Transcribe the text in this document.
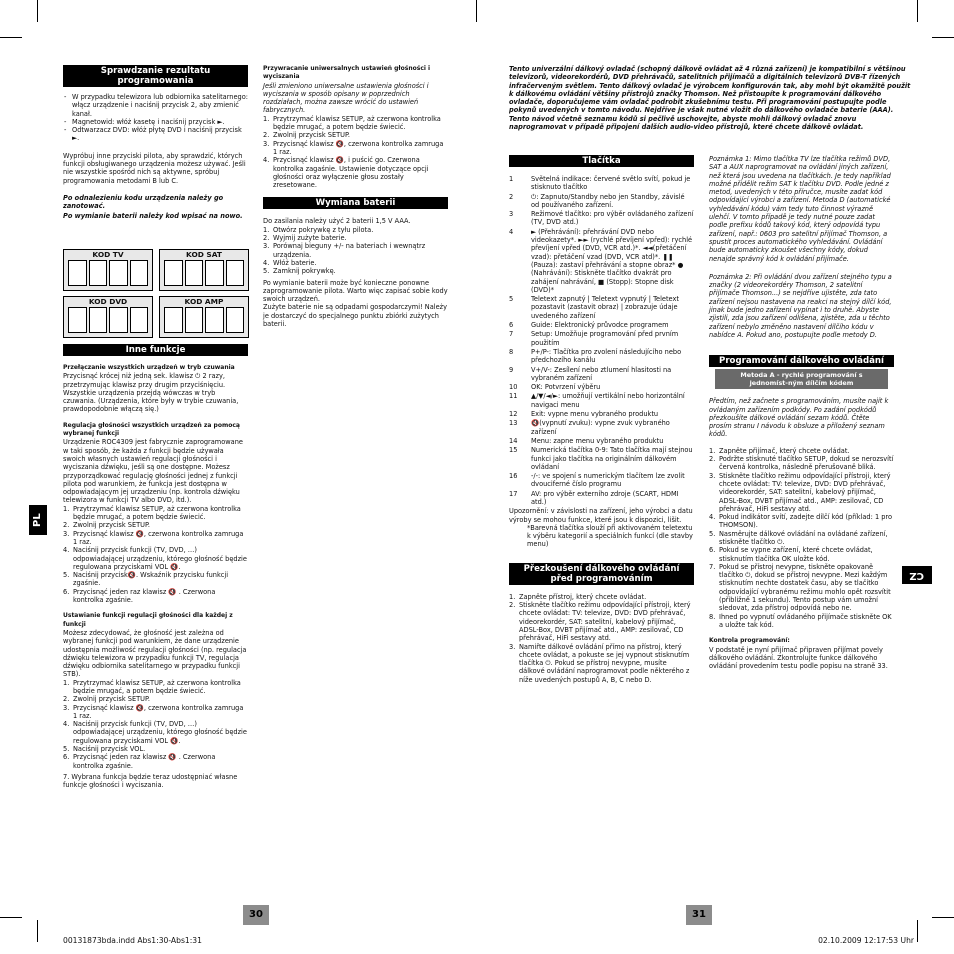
Sprawdzanie rezultatu programowania
- W przypadku telewizora lub odbiornika satelitarnego: włącz urządzenie i naciśnij przycisk 2, aby zmienić kanał.
- Magnetowid: włóż kasetę i naciśnij przycisk ►.
- Odtwarzacz DVD: włóż płytę DVD i naciśnij przycisk ►.

Wypróbuj inne przyciski pilota, aby sprawdzić, których funkcji obsługiwanego urządzenia możesz używać. Jeśli nie wszystkie spośród nich są aktywne, spróbuj programowania metodami B lub C.

Po odnalezieniu kodu urządzenia należy go zanotować.

Po wymianie baterii należy kod wpisać na nowo.

KOD TV	KOD SAT
KOD DVD	KOD AMP
Inne funkcje

Przełączanie wszystkich urządzeń w tryb czuwania

Przycisnąć krócej niż jedną sek. klawisz ⏻ 2 razy, przetrzymując klawisz przy drugim przyciśnięciu. Wszystkie urządzenia przejdą wówczas w tryb czuwania. (Urządzenia, które były w trybie czuwania, prawdopodobnie włączą się.)

Regulacja głośności wszystkich urządzeń za pomocą wybranej funkcji

Urządzenie ROC4309 jest fabrycznie zaprogramowane w taki sposób, że każda z funkcji będzie używała swoich własnych ustawień regulacji głośności i wyciszania dźwięku, jeśli są one dostępne. Możesz przyporządkować regulację głośności jednej z funkcji pilota pod warunkiem, że funkcja jest dostępna w odpowiadającym jej urządzeniu (np. kontrola dźwięku telewizora w funkcji TV albo DVD, itd.).

1. Przytrzymać klawisz SETUP, aż czerwona kontrolka będzie mrugać, a potem będzie świecić.
2. Zwolnij przycisk SETUP.
3. Przycisnąć klawisz 🔇, czerwona kontrolka zamruga 1 raz.
4. Naciśnij przycisk funkcji (TV, DVD, …) odpowiadającej urządzeniu, którego głośność będzie regulowana przyciskami VOL 🔇.
5. Naciśnij przycisk🔇. Wskaźnik przycisku funkcji zgaśnie.
6. Przycisnąć jeden raz klawisz 🔇 . Czerwona kontrolka zgaśnie.

Ustawianie funkcji regulacji głośności dla każdej z funkcji

Możesz zdecydować, że głośność jest zależna od wybranej funkcji pod warunkiem, że dane urządzenie udostępnia możliwość regulacji głośności (np. regulacja dźwięku telewizora w przypadku funkcji TV, regulacja dźwięku odbiornika satelitarnego w przypadku funkcji STB).

1. Przytrzymać klawisz SETUP, aż czerwona kontrolka będzie mrugać, a potem będzie świecić.
2. Zwolnij przycisk SETUP.
3. Przycisnąć klawisz 🔇, czerwona kontrolka zamruga 1 raz.
4. Naciśnij przycisk funkcji (TV, DVD, …) odpowiadającej urządzeniu, którego głośność będzie regulowana przyciskami VOL 🔇.
5. Naciśnij przycisk VOL.
6. Przycisnąć jeden raz klawisz 🔇 . Czerwona kontrolka zgaśnie.

7. Wybrana funkcja będzie teraz udostępniać własne funkcje głośności i wyciszania.

Przywracanie uniwersalnych ustawień głośności i wyciszania

Jeśli zmieniono uniwersalne ustawienia głośności i wyciszania w sposób opisany w poprzednich rozdziałach, można zawsze wrócić do ustawień fabrycznych.

1. Przytrzymać klawisz SETUP, aż czerwona kontrolka będzie mrugać, a potem będzie świecić.
2. Zwolnij przycisk SETUP.
3. Przycisnąć klawisz 🔇, czerwona kontrolka zamruga 1 raz.
4. Przycisnąć klawisz 🔇, i puścić go. Czerwona kontrolka zagaśnie. Ustawienie dotyczące opcji głośności oraz wyłączenie głosu zostały zresetowane.
Wymiana baterii

Do zasilania należy użyć 2 baterii 1,5 V AAA.

1. Otwórz pokrywkę z tyłu pilota.
2. Wyjmij zużyte baterie.
3. Porównaj bieguny +/- na bateriach i wewnątrz urządzenia.
4. Włóż baterie.
5. Zamknij pokrywkę.

Po wymianie baterii może być konieczne ponowne zaprogramowanie pilota. Warto więc zapisać sobie kody swoich urządzeń.

Zużyte baterie nie są odpadami gospodarczymi! Należy je dostarczyć do specjalnego punktu zbiórki zużytych baterii.

PL
30
Tento univerzální dálkový ovladač (schopný dálkově ovládat až 4 různá zařízení) je kompatibilní s většinou televizorů, videorekordérů, DVD přehrávačů, satelitních přijímačů a digitálních televizorů DVB-T řízených infračerveným světlem. Tento dálkový ovladač je výrobcem konfigurován tak, aby mohl být okamžitě použit k dálkovému ovládání většiny přístrojů značky Thomson. Než přistoupíte k programování dálkového ovladače, doporučujeme vám ovladač podrobit zkušebnímu testu. Při programování postupujte podle pokynů uvedených v tomto návodu. Nejdříve je však nutné vložit do dálkového ovladače baterie (AAA). Tento návod včetně seznamu kódů si pečlivě uschovejte, abyste mohli dálkový ovladač znovu naprogramovat v případě připojení dalších audio-video přístrojů, které chcete dálkově ovládat.
Tlačítka
1	Světelná indikace: červené světlo svítí, pokud je stisknuto tlačítko
2	⏻: Zapnuto/Standby nebo jen Standby, závislé od používaného zařízení.
3	Režimové tlačítko: pro výběr ovládaného zařízení (TV, DVD atd.)
4	► (Přehrávání): přehrávání DVD nebo videokazety*. ►► (rychlé převíjení vpřed): rychlé převíjení vpřed (DVD, VCR atd.)*. ◄◄(přetáčení vzad): přetáčení vzad (DVD, VCR atd)*. ❚❚ (Pauza): zastaví přehrávání a stopne obraz* ● (Nahrávání): Stiskněte tlačítko dvakrát pro zahájení nahrávání, ■ (Stopp): Stopne disk (DVD)*
5	Teletext zapnutý | Teletext vypnutý | Teletext pozastavit (zastavit obraz) | zobrazuje údaje uvedeného zařízení
6	Guide: Elektronický průvodce programem
7	Setup: Umožňuje programování před prvním použitím
8	P+/P-: Tlačítka pro zvolení následujícího nebo předchozího kanálu
9	V+/V-: Zesílení nebo ztlumení hlasitosti na vybraném zařízení
10	OK: Potvrzení výběru
11	▲/▼/◄/►: umožňují vertikální nebo horizontální navigaci menu
12	Exit: vypne menu vybraného produktu
13	🔇(vypnutí zvuku): vypne zvuk vybraného zařízení
14	Menu: zapne menu vybraného produktu
15	Numerická tlačítka 0-9: Tato tlačítka mají stejnou funkci jako tlačítka na originálním dálkovém ovládaní
16	-/-: ve spojení s numerickým tlačítem lze zvolit dvouciferné číslo programu
17	AV: pro výběr externího zdroje (SCART, HDMI atd.)

Upozornění: v závislosti na zařízení, jeho výrobci a datu výroby se mohou funkce, které jsou k dispozici, lišit.

*Barevná tlačítka slouží při aktivovaném teletextu k výběru kategorií a speciálních funkcí (dle stavby menu)

Přezkoušení dálkového ovládání před programováním
1. Zapněte přístroj, který chcete ovládat.
2. Stiskněte tlačítko režimu odpovídající přístroji, který chcete ovládat: TV: televize, DVD: DVD přehrávač, videorekordér, SAT: satelitní, kabelový přijímač, ADSL-Box, DVBT přijímač atd., AMP: zesilovač, CD přehrávač, HiFi sestavy atd.
3. Namiřte dálkové ovládání přímo na přístroj, který chcete ovládat, a pokuste se jej vypnout stisknutím tlačítka ⏻. Pokud se přístroj nevypne, musíte dálkové ovládání naprogramovat podle některého z níže uvedených postupů A, B, C nebo D.

Poznámka 1: Mimo tlačítka TV lze tlačítka režimů DVD, SAT a AUX naprogramovat na ovládání jiných zařízení, než která jsou uvedena na tlačítkách. Je tedy například možné přidělit režim SAT k tlačítku DVD. Podle jedné z metod, uvedených v této příručce, musíte zadat kód odpovídající výrobci a zařízení. Metoda D (automatické vyhledávání kódu) vám tedy tuto činnost výrazně ulehčí. V tomto případě je tedy nutné pouze zadat podle prefixu kódů takový kód, který odpovídá typu zařízení, např.: 0603 pro satelitní přijímač Thomson, a spustit proces automatického vyhledávání. Ovládání bude automaticky zkoušet všechny kódy, dokud nenajde správný kód k ovládání přijímače.

Poznámka 2: Při ovládání dvou zařízení stejného typu a značky (2 videorekordéry Thomson, 2 satelitní přijímače Thomson...) se nejdříve ujistěte, zda tato zařízení nejsou nastavena na reakci na stejný dílčí kód, jinak bude jedno zařízení vypínat i to druhé. Abyste zjistili, zda jsou zařízení odlišena, zjistěte, zda u těchto zařízení nebylo změněno nastavení dílčího kódu v nabídce A. Pokud ano, postupujte podle metody D.

Programování dálkového ovládání
Metoda A - rychlé programování s jednomíst-ným dílčím kódem

Předtím, než začnete s programováním, musíte najít k ovládaným zařízením podkódy. Po zadání podkódů přezkoušíte dálkové ovládání sezam kódů. Čtěte prosím stranu I návodu k obsluze a přiložený seznam kódů.

1. Zapněte přijímač, který chcete ovládat.
2. Podržte stisknuté tlačítko SETUP, dokud se nerozsvítí červená kontrolka, následně přerušovaně bliká.
3. Stiskněte tlačítko režimu odpovídající přístroji, který chcete ovládat: TV: televize, DVD: DVD přehrávač, videorekordér, SAT: satelitní, kabelový přijímač, ADSL-Box, DVBT přijímač atd., AMP: zesilovač, CD přehrávač, HiFi sestavy atd.
4. Pokud indikátor svítí, zadejte dílčí kód (příklad: 1 pro THOMSON).
5. Nasměrujte dálkové ovládání na ovládané zařízení, stiskněte tlačítko ⏻.
6. Pokud se vypne zařízení, které chcete ovládat, stisknutím tlačítka OK uložte kód.
7. Pokud se přístroj nevypne, tiskněte opakovaně tlačítko ⏻, dokud se přístroj nevypne. Mezi každým stisknutím nechte dostatek času, aby se tlačítko odpovídající vybranému režimu mohlo opět rozsvítit (přibližně 1 sekundu). Tento postup vám umožní sledovat, zda přístroj odpovídá nebo ne.
8. Ihned po vypnutí ovládaného přijímače stiskněte OK a uložte tak kód.

Kontrola programování:

V podstatě je nyní přijímač připraven přijímat povely dálkového ovládání. Zkontrolujte funkce dálkového ovládání provedením testu podle popisu na straně 33.

CZ
31
00131873bda.indd Abs1:30-Abs1:31	02.10.2009 12:17:53 Uhr
